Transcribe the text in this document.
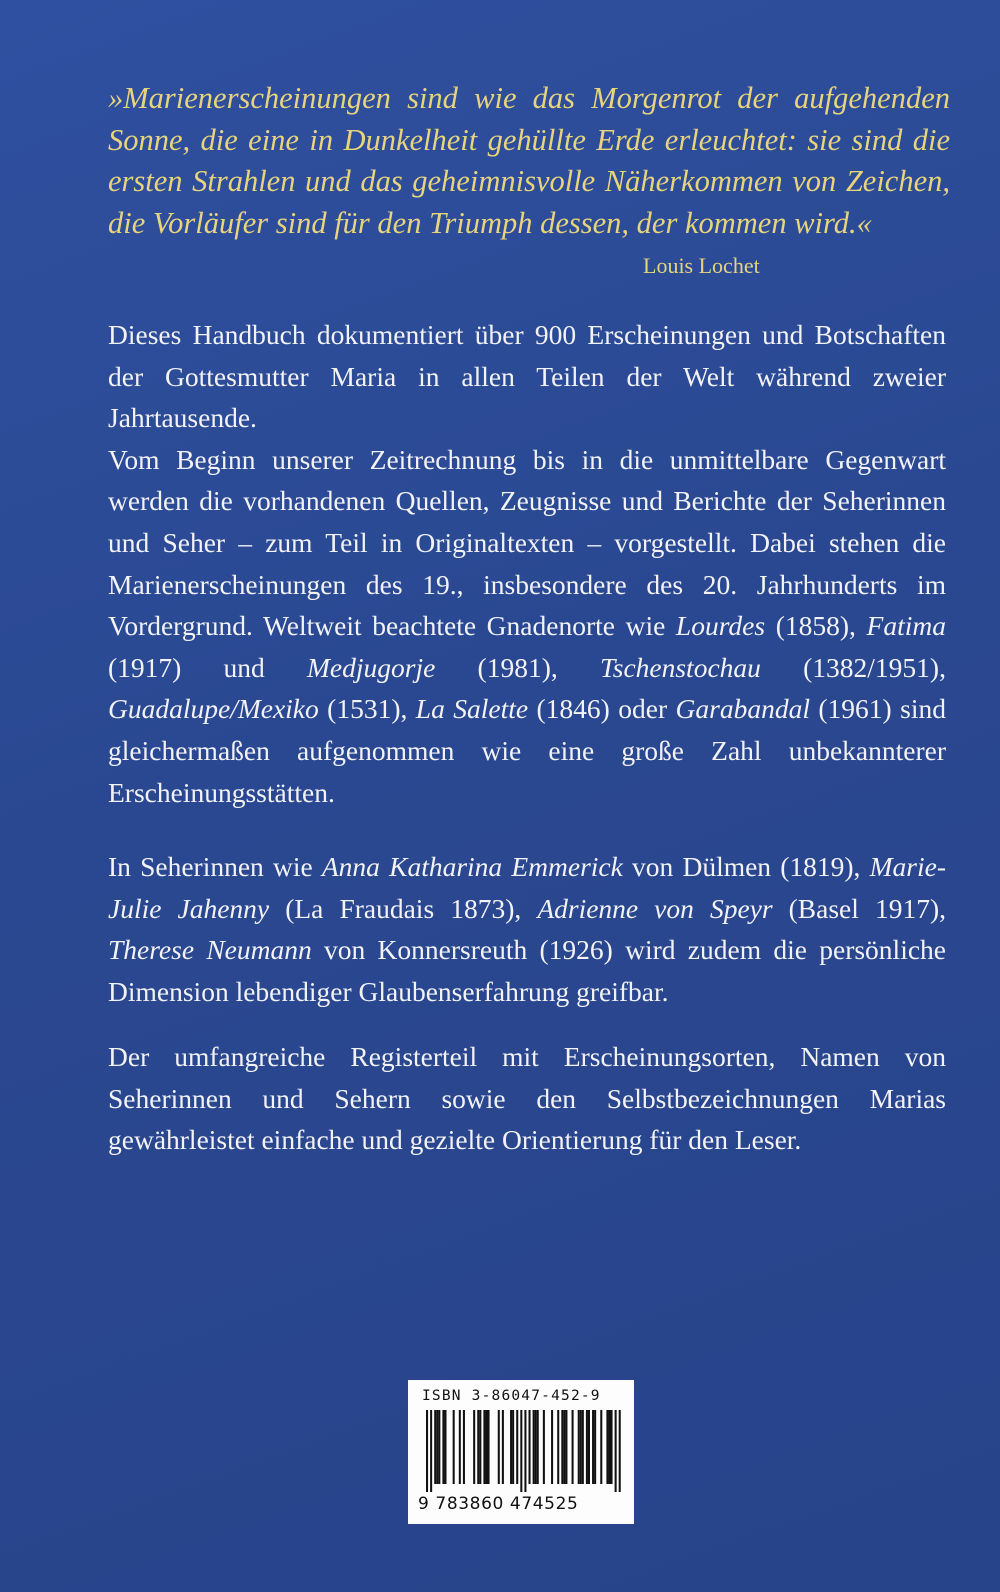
»Marienerscheinungen sind wie das Morgenrot der aufgehenden Sonne, die eine in Dunkelheit gehüllte Erde erleuchtet: sie sind die ersten Strahlen und das geheimnisvolle Näherkommen von Zeichen, die Vorläufer sind für den Triumph dessen, der kommen wird.«

Louis Lochet

Dieses Handbuch dokumentiert über 900 Erscheinungen und Botschaften der Gottesmutter Maria in allen Teilen der Welt während zweier Jahrtausende.
Vom Beginn unserer Zeitrechnung bis in die unmittelbare Gegenwart werden die vorhandenen Quellen, Zeugnisse und Berichte der Seherinnen und Seher – zum Teil in Originaltexten – vorgestellt. Dabei stehen die Marienerscheinungen des 19., insbesondere des 20. Jahrhunderts im Vordergrund. Weltweit beachtete Gnadenorte wie Lourdes (1858), Fatima (1917) und Medjugorje (1981), Tschenstochau (1382/1951), Guadalupe/Mexiko (1531), La Salette (1846) oder Garabandal (1961) sind gleichermaßen aufgenommen wie eine große Zahl unbekannterer Erscheinungsstätten.

In Seherinnen wie Anna Katharina Emmerick von Dülmen (1819), Marie-Julie Jahenny (La Fraudais 1873), Adrienne von Speyr (Basel 1917), Therese Neumann von Konnersreuth (1926) wird zudem die persönliche Dimension lebendiger Glaubenserfahrung greifbar.

Der umfangreiche Registerteil mit Erscheinungsorten, Namen von Seherinnen und Sehern sowie den Selbstbezeichnungen Marias gewährleistet einfache und gezielte Orientierung für den Leser.

ISBN 3-86047-452-9

9 783860 474525
